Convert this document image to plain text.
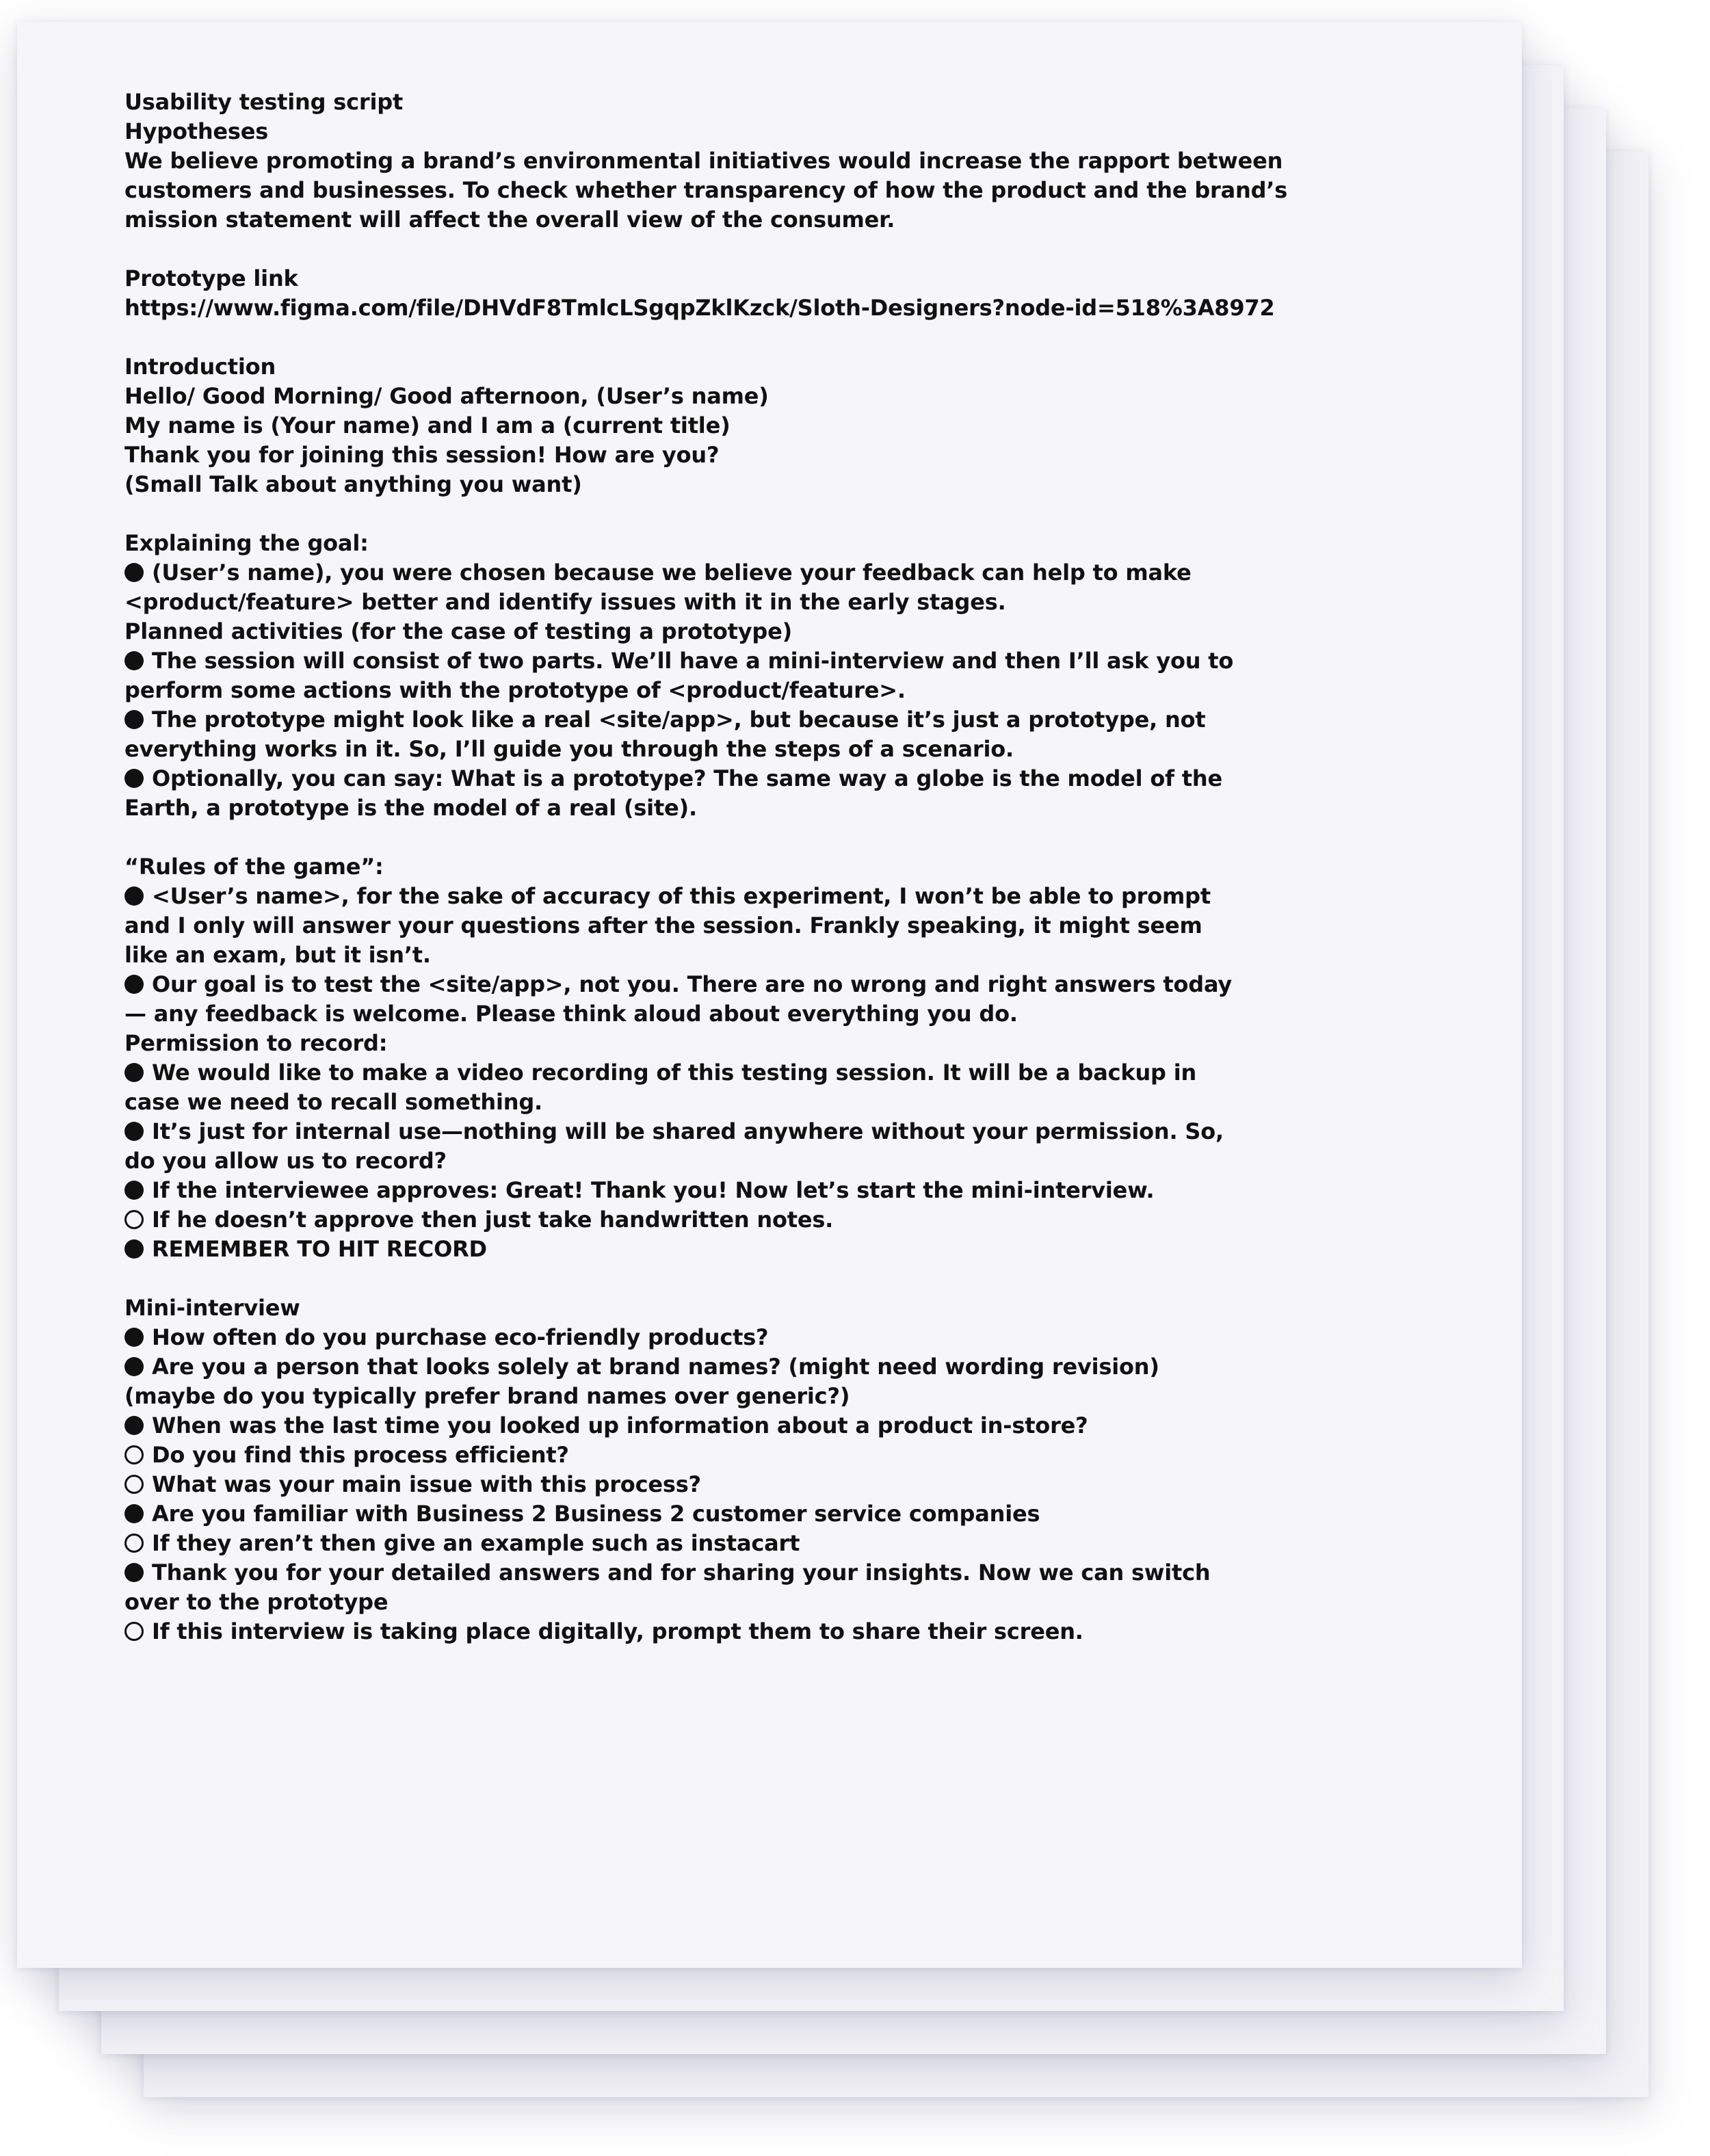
Usability testing script
Hypotheses
We believe promoting a brand’s environmental initiatives would increase the rapport between
customers and businesses. To check whether transparency of how the product and the brand’s
mission statement will affect the overall view of the consumer.
Prototype link
https://www.figma.com/file/DHVdF8TmlcLSgqpZklKzck/Sloth-Designers?node-id=518%3A8972
Introduction
Hello/ Good Morning/ Good afternoon, (User’s name)
My name is (Your name) and I am a (current title)
Thank you for joining this session! How are you?
(Small Talk about anything you want)
Explaining the goal:
(User’s name), you were chosen because we believe your feedback can help to make
<product/feature> better and identify issues with it in the early stages.
Planned activities (for the case of testing a prototype)
The session will consist of two parts. We’ll have a mini-interview and then I’ll ask you to
perform some actions with the prototype of <product/feature>.
The prototype might look like a real <site/app>, but because it’s just a prototype, not
everything works in it. So, I’ll guide you through the steps of a scenario.
Optionally, you can say: What is a prototype? The same way a globe is the model of the
Earth, a prototype is the model of a real (site).
“Rules of the game”:
<User’s name>, for the sake of accuracy of this experiment, I won’t be able to prompt
and I only will answer your questions after the session. Frankly speaking, it might seem
like an exam, but it isn’t.
Our goal is to test the <site/app>, not you. There are no wrong and right answers today
— any feedback is welcome. Please think aloud about everything you do.
Permission to record:
We would like to make a video recording of this testing session. It will be a backup in
case we need to recall something.
It’s just for internal use—nothing will be shared anywhere without your permission. So,
do you allow us to record?
If the interviewee approves: Great! Thank you! Now let’s start the mini-interview.
If he doesn’t approve then just take handwritten notes.
REMEMBER TO HIT RECORD
Mini-interview
How often do you purchase eco-friendly products?
Are you a person that looks solely at brand names? (might need wording revision)
(maybe do you typically prefer brand names over generic?)
When was the last time you looked up information about a product in-store?
Do you find this process efficient?
What was your main issue with this process?
Are you familiar with Business 2 Business 2 customer service companies
If they aren’t then give an example such as instacart
Thank you for your detailed answers and for sharing your insights. Now we can switch
over to the prototype
If this interview is taking place digitally, prompt them to share their screen.
